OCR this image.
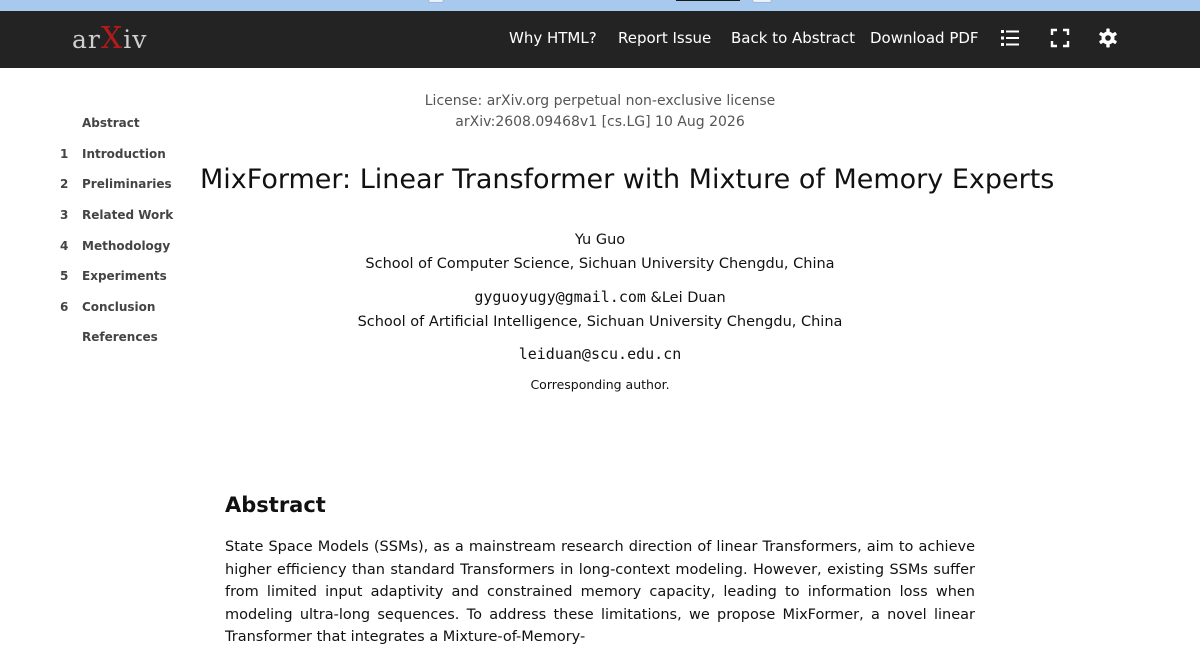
arXiv	Why HTML? Report Issue Back to Abstract Download PDF
Abstract
1 Introduction
2 Preliminaries
3 Related Work
4 Methodology
5 Experiments
6 Conclusion
References
License: arXiv.org perpetual non-exclusive license
arXiv:2608.09468v1 [cs.LG] 10 Aug 2026
MixFormer: Linear Transformer with Mixture of Memory Experts
Yu Guo
School of Computer Science, Sichuan University Chengdu, China
gyguoyugy@gmail.com &Lei Duan
School of Artificial Intelligence, Sichuan University Chengdu, China
leiduan@scu.edu.cn
Corresponding author.
Abstract

State Space Models (SSMs), as a mainstream research direction of linear Transformers, aim to achieve higher efficiency than standard Transformers in long-context modeling. However, existing SSMs suffer from limited input adaptivity and constrained memory capacity, leading to information loss when modeling ultra-long sequences. To address these limitations, we propose MixFormer, a novel linear Transformer that integrates a Mixture-of-Memory-
